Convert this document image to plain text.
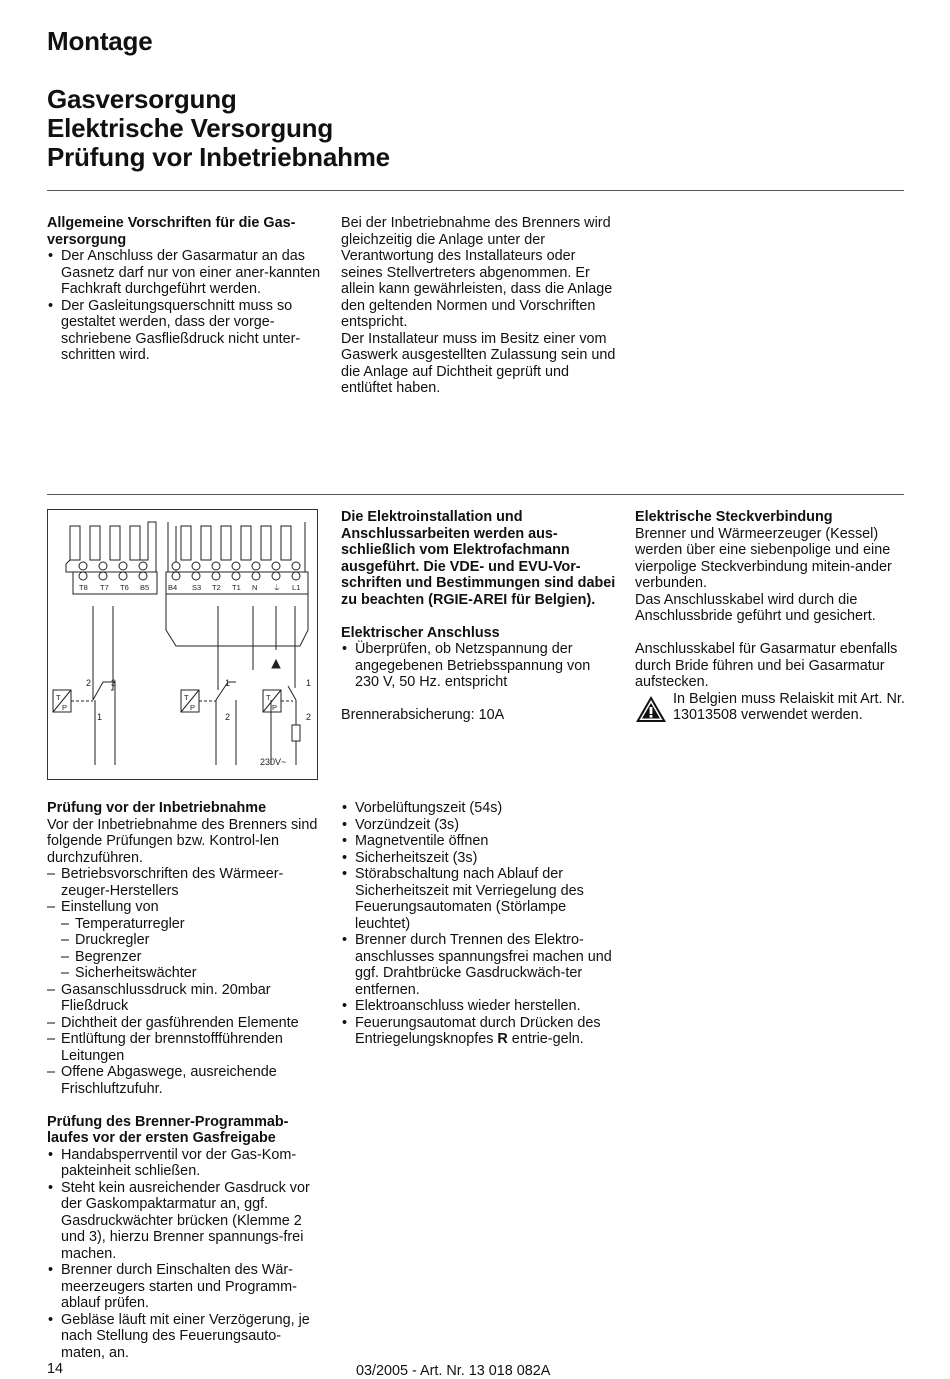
Montage
Gasversorgung
Elektrische Versorgung
Prüfung vor Inbetriebnahme

Allgemeine Vorschriften für die Gas-versorgung

• Der Anschluss der Gasarmatur an das Gasnetz darf nur von einer aner-kannten Fachkraft durchgeführt werden.
• Der Gasleitungsquerschnitt muss so gestaltet werden, dass der vorge-schriebene Gasfließdruck nicht unter-schritten wird.

Bei der Inbetriebnahme des Brenners wird gleichzeitig die Anlage unter der Verantwortung des Installateurs oder seines Stellvertreters abgenommen. Er allein kann gewährleisten, dass die Anlage den geltenden Normen und Vorschriften entspricht.

Der Installateur muss im Besitz einer vom Gaswerk ausgestellten Zulassung sein und die Anlage auf Dichtheit geprüft und entlüftet haben.

T8 T7 T6 B5	B4 S3 T2 T1 N ⏚ L1
2 3
1
1
2
1
2
230V~
T
P
T
P
T
P

Die Elektroinstallation und Anschlussarbeiten werden aus-schließlich vom Elektrofachmann ausgeführt. Die VDE- und EVU-Vor-schriften und Bestimmungen sind dabei zu beachten (RGIE-AREI für Belgien).

Elektrischer Anschluss

• Überprüfen, ob Netzspannung der angegebenen Betriebsspannung von 230 V, 50 Hz. entspricht

Brennerabsicherung: 10A

Elektrische Steckverbindung

Brenner und Wärmeerzeuger (Kessel) werden über eine siebenpolige und eine vierpolige Steckverbindung mitein-ander verbunden.

Das Anschlusskabel wird durch die Anschlussbride geführt und gesichert.

Anschlusskabel für Gasarmatur ebenfalls durch Bride führen und bei Gasarmatur aufstecken.

In Belgien muss Relaiskit mit Art. Nr. 13013508 verwendet werden.

Prüfung vor der Inbetriebnahme

Vor der Inbetriebnahme des Brenners sind folgende Prüfungen bzw. Kontrol-len durchzuführen.

– Betriebsvorschriften des Wärmeer-zeuger-Herstellers
– Einstellung von
– Temperaturregler
– Druckregler
– Begrenzer
– Sicherheitswächter
– Gasanschlussdruck min. 20mbar Fließdruck
– Dichtheit der gasführenden Elemente
– Entlüftung der brennstoffführenden Leitungen
– Offene Abgaswege, ausreichende Frischluftzufuhr.

Prüfung des Brenner-Programmab-laufes vor der ersten Gasfreigabe

• Handabsperrventil vor der Gas-Kom-pakteinheit schließen.
• Steht kein ausreichender Gasdruck vor der Gaskompaktarmatur an, ggf. Gasdruckwächter brücken (Klemme 2 und 3), hierzu Brenner spannungs-frei machen.
• Brenner durch Einschalten des Wär-meerzeugers starten und Programm-ablauf prüfen.
• Gebläse läuft mit einer Verzögerung, je nach Stellung des Feuerungsauto-maten, an.
• Vorbelüftungszeit (54s)
• Vorzündzeit (3s)
• Magnetventile öffnen
• Sicherheitszeit (3s)
• Störabschaltung nach Ablauf der Sicherheitszeit mit Verriegelung des Feuerungsautomaten (Störlampe leuchtet)
• Brenner durch Trennen des Elektro-anschlusses spannungsfrei machen und ggf. Drahtbrücke Gasdruckwäch-ter entfernen.
• Elektroanschluss wieder herstellen.
• Feuerungsautomat durch Drücken des Entriegelungsknopfes R entrie-geln.
14	03/2005 - Art. Nr. 13 018 082A
